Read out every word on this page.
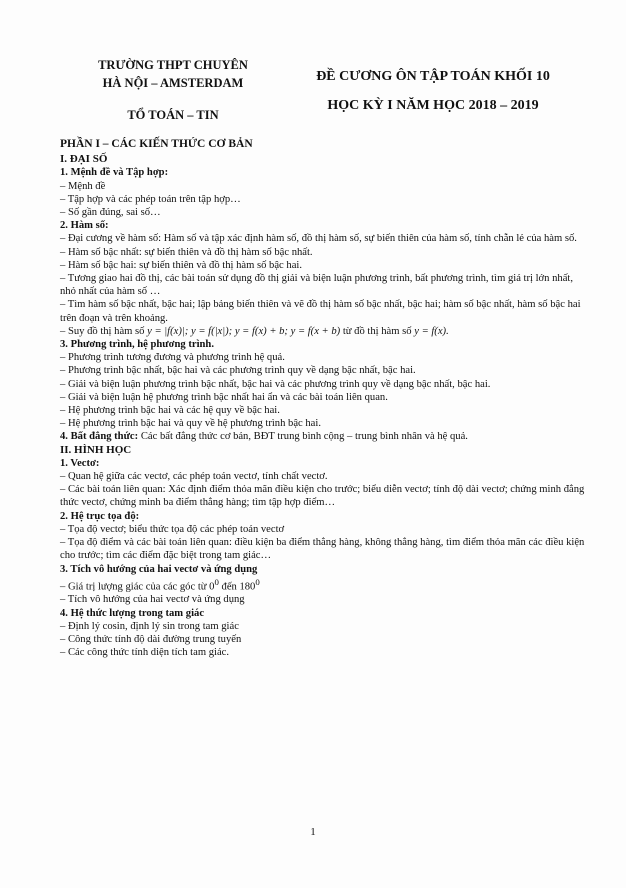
TRƯỜNG THPT CHUYÊN
HÀ NỘI – AMSTERDAM
TỔ TOÁN – TIN
ĐỀ CƯƠNG ÔN TẬP TOÁN KHỐI 10
HỌC KỲ I NĂM HỌC 2018 – 2019
PHẦN I – CÁC KIẾN THỨC CƠ BẢN
I. ĐẠI SỐ
1. Mệnh đề và Tập hợp:
– Mệnh đề
– Tập hợp và các phép toán trên tập hợp…
– Số gần đúng, sai số…
2. Hàm số:
– Đại cương về hàm số: Hàm số và tập xác định hàm số, đồ thị hàm số, sự biến thiên của hàm số, tính chẵn lẻ của hàm số.
– Hàm số bậc nhất: sự biến thiên và đồ thị hàm số bậc nhất.
– Hàm số bậc hai: sự biến thiên và đồ thị hàm số bậc hai.
– Tương giao hai đồ thị, các bài toán sử dụng đồ thị giải và biện luận phương trình, bất phương trình, tìm giá trị lớn nhất, nhỏ nhất của hàm số …
– Tìm hàm số bậc nhất, bậc hai; lập bảng biến thiên và vẽ đồ thị hàm số bậc nhất, bậc hai; hàm số bậc nhất, hàm số bậc hai trên đoạn và trên khoảng.
– Suy đồ thị hàm số y = |f(x)|; y = f(|x|); y = f(x) + b; y = f(x + b) từ đồ thị hàm số y = f(x).
3. Phương trình, hệ phương trình.
– Phương trình tương đương và phương trình hệ quả.
– Phương trình bậc nhất, bậc hai và các phương trình quy về dạng bậc nhất, bậc hai.
– Giải và biện luận phương trình bậc nhất, bậc hai và các phương trình quy về dạng bậc nhất, bậc hai.
– Giải và biện luận hệ phương trình bậc nhất hai ẩn và các bài toán liên quan.
– Hệ phương trình bậc hai và các hệ quy về bậc hai.
– Hệ phương trình bậc hai và quy về hệ phương trình bậc hai.
4. Bất đẳng thức: Các bất đẳng thức cơ bản, BĐT trung bình cộng – trung bình nhân và hệ quả.
II. HÌNH HỌC
1. Vectơ:
– Quan hệ giữa các vectơ, các phép toán vectơ, tính chất vectơ.
– Các bài toán liên quan: Xác định điểm thỏa mãn điều kiện cho trước; biểu diễn vectơ; tính độ dài vectơ; chứng minh đẳng thức vectơ, chứng minh ba điểm thẳng hàng; tìm tập hợp điểm…
2. Hệ trục tọa độ:
– Tọa độ vectơ; biểu thức tọa độ các phép toán vectơ
– Tọa độ điểm và các bài toán liên quan: điều kiện ba điểm thẳng hàng, không thẳng hàng, tìm điểm thỏa mãn các điều kiện cho trước; tìm các điểm đặc biệt trong tam giác…
3. Tích vô hướng của hai vectơ và ứng dụng
– Giá trị lượng giác của các góc từ $0^0$ đến $180^0$
– Tích vô hướng của hai vectơ và ứng dụng
4. Hệ thức lượng trong tam giác
– Định lý cosin, định lý sin trong tam giác
– Công thức tính độ dài đường trung tuyến
– Các công thức tính diện tích tam giác.
1
